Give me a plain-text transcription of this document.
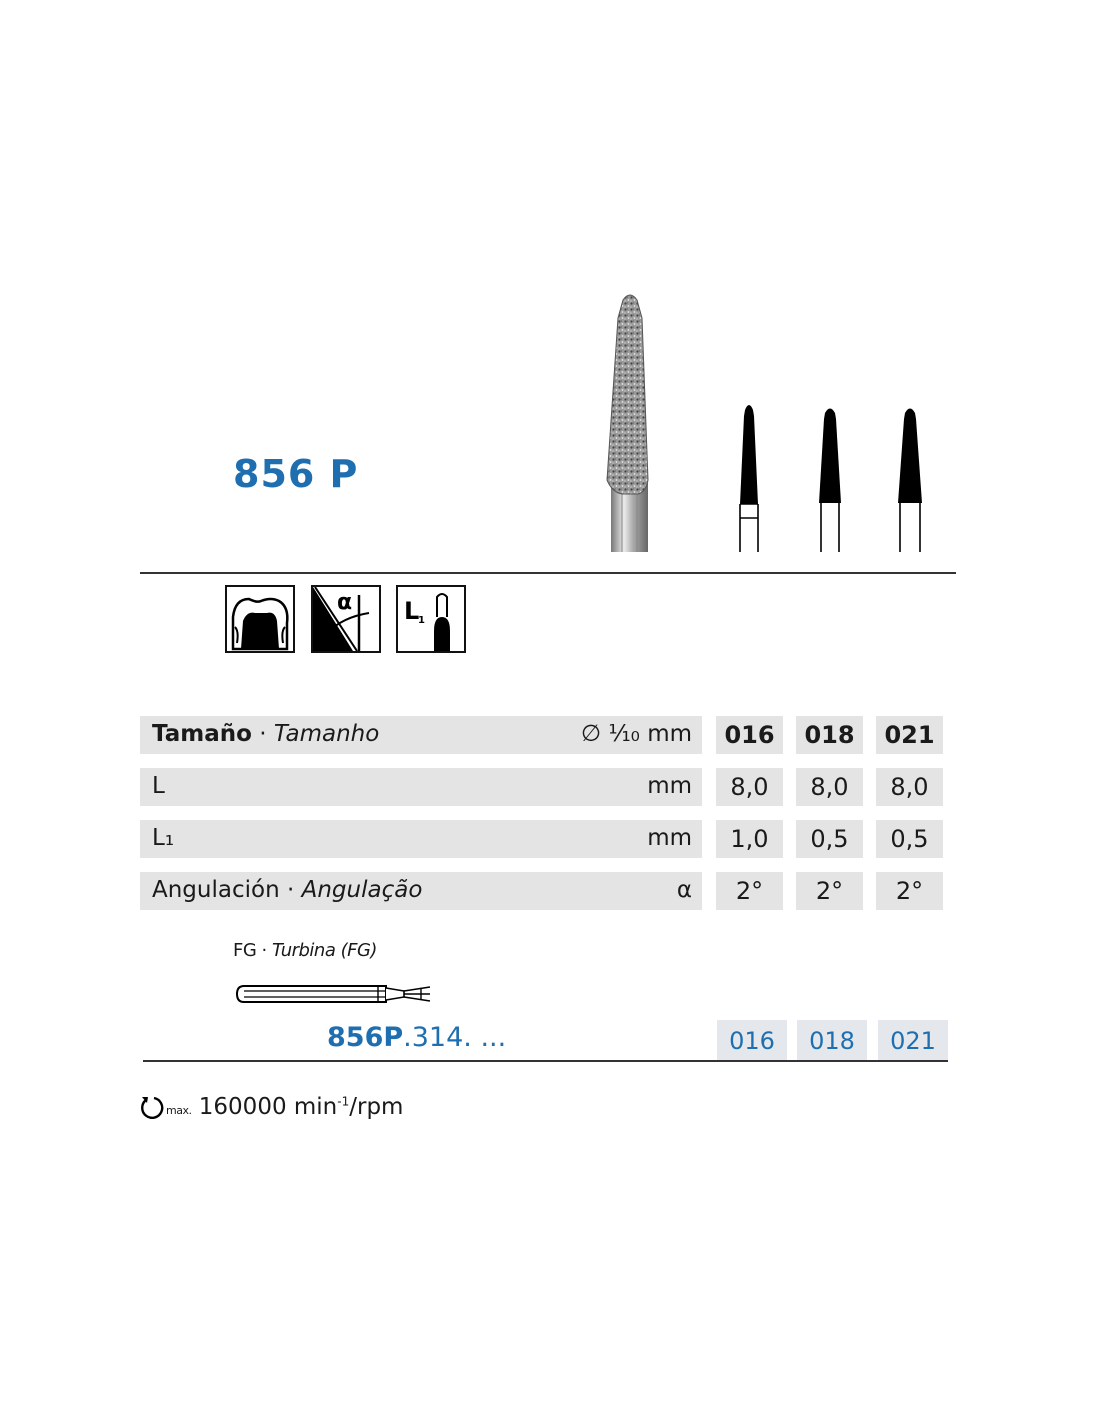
856 P
α L
1
Tamaño · Tamanho	∅ ¹⁄₁₀ mm	016	018	021
L	mm	8,0	8,0	8,0
L₁	mm	1,0	0,5	0,5
Angulación · Angulação	α	2°	2°	2°
FG · Turbina (FG)
856P.314. ...	016	018	021
max. 160000 $\min^{-1}$/rpm
